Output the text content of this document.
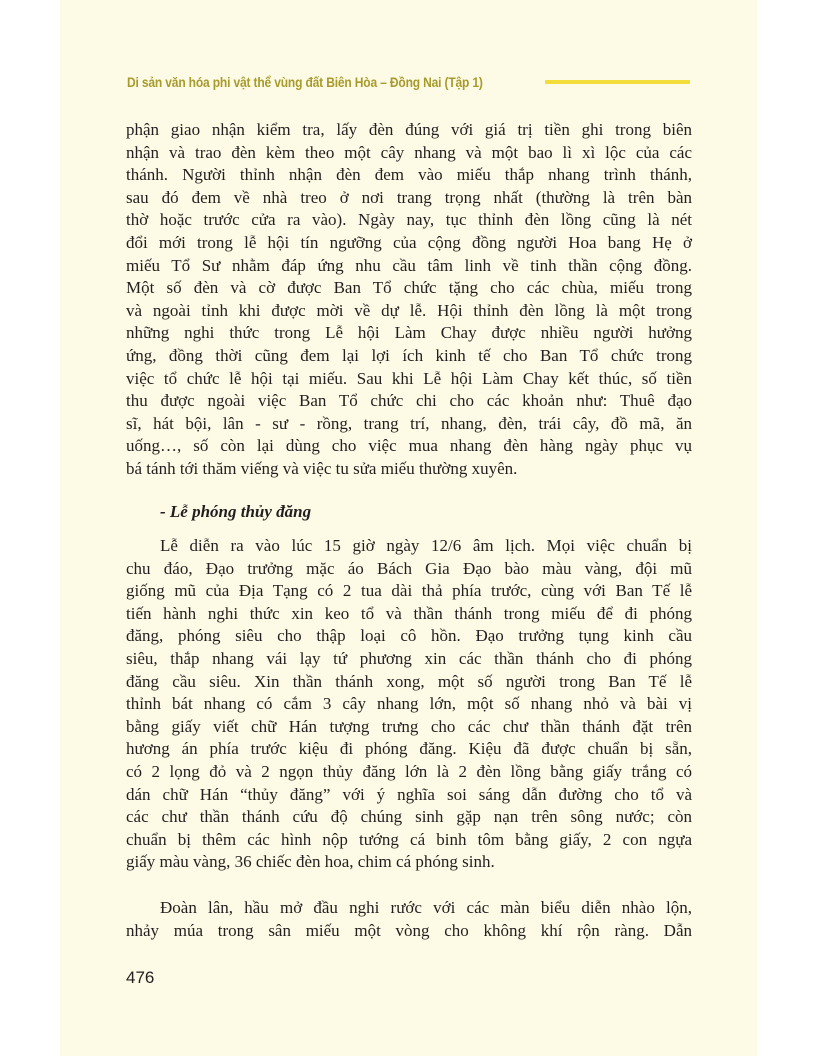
Di sản văn hóa phi vật thể vùng đất Biên Hòa – Đồng Nai (Tập 1)
phận giao nhận kiểm tra, lấy đèn đúng với giá trị tiền ghi trong biên
nhận và trao đèn kèm theo một cây nhang và một bao lì xì lộc của các
thánh. Người thỉnh nhận đèn đem vào miếu thắp nhang trình thánh,
sau đó đem về nhà treo ở nơi trang trọng nhất (thường là trên bàn
thờ hoặc trước cửa ra vào). Ngày nay, tục thỉnh đèn lồng cũng là nét
đổi mới trong lễ hội tín ngưỡng của cộng đồng người Hoa bang Hẹ ở
miếu Tổ Sư nhằm đáp ứng nhu cầu tâm linh về tinh thần cộng đồng.
Một số đèn và cờ được Ban Tổ chức tặng cho các chùa, miếu trong
và ngoài tỉnh khi được mời về dự lễ. Hội thỉnh đèn lồng là một trong
những nghi thức trong Lễ hội Làm Chay được nhiều người hưởng
ứng, đồng thời cũng đem lại lợi ích kinh tế cho Ban Tổ chức trong
việc tổ chức lễ hội tại miếu. Sau khi Lễ hội Làm Chay kết thúc, số tiền
thu được ngoài việc Ban Tổ chức chi cho các khoản như: Thuê đạo
sĩ, hát bội, lân - sư - rồng, trang trí, nhang, đèn, trái cây, đồ mã, ăn
uống…, số còn lại dùng cho việc mua nhang đèn hàng ngày phục vụ
bá tánh tới thăm viếng và việc tu sửa miếu thường xuyên.
- Lễ phóng thủy đăng
Lễ diễn ra vào lúc 15 giờ ngày 12/6 âm lịch. Mọi việc chuẩn bị
chu đáo, Đạo trưởng mặc áo Bách Gia Đạo bào màu vàng, đội mũ
giống mũ của Địa Tạng có 2 tua dài thả phía trước, cùng với Ban Tế lễ
tiến hành nghi thức xin keo tổ và thần thánh trong miếu để đi phóng
đăng, phóng siêu cho thập loại cô hồn. Đạo trưởng tụng kinh cầu
siêu, thắp nhang vái lạy tứ phương xin các thần thánh cho đi phóng
đăng cầu siêu. Xin thần thánh xong, một số người trong Ban Tế lễ
thỉnh bát nhang có cắm 3 cây nhang lớn, một số nhang nhỏ và bài vị
bằng giấy viết chữ Hán tượng trưng cho các chư thần thánh đặt trên
hương án phía trước kiệu đi phóng đăng. Kiệu đã được chuẩn bị sẵn,
có 2 lọng đỏ và 2 ngọn thủy đăng lớn là 2 đèn lồng bằng giấy trắng có
dán chữ Hán “thủy đăng” với ý nghĩa soi sáng dẫn đường cho tổ và
các chư thần thánh cứu độ chúng sinh gặp nạn trên sông nước; còn
chuẩn bị thêm các hình nộp tướng cá binh tôm bằng giấy, 2 con ngựa
giấy màu vàng, 36 chiếc đèn hoa, chim cá phóng sinh.
Đoàn lân, hầu mở đầu nghi rước với các màn biểu diễn nhào lộn,
nhảy múa trong sân miếu một vòng cho không khí rộn ràng. Dẫn
476
